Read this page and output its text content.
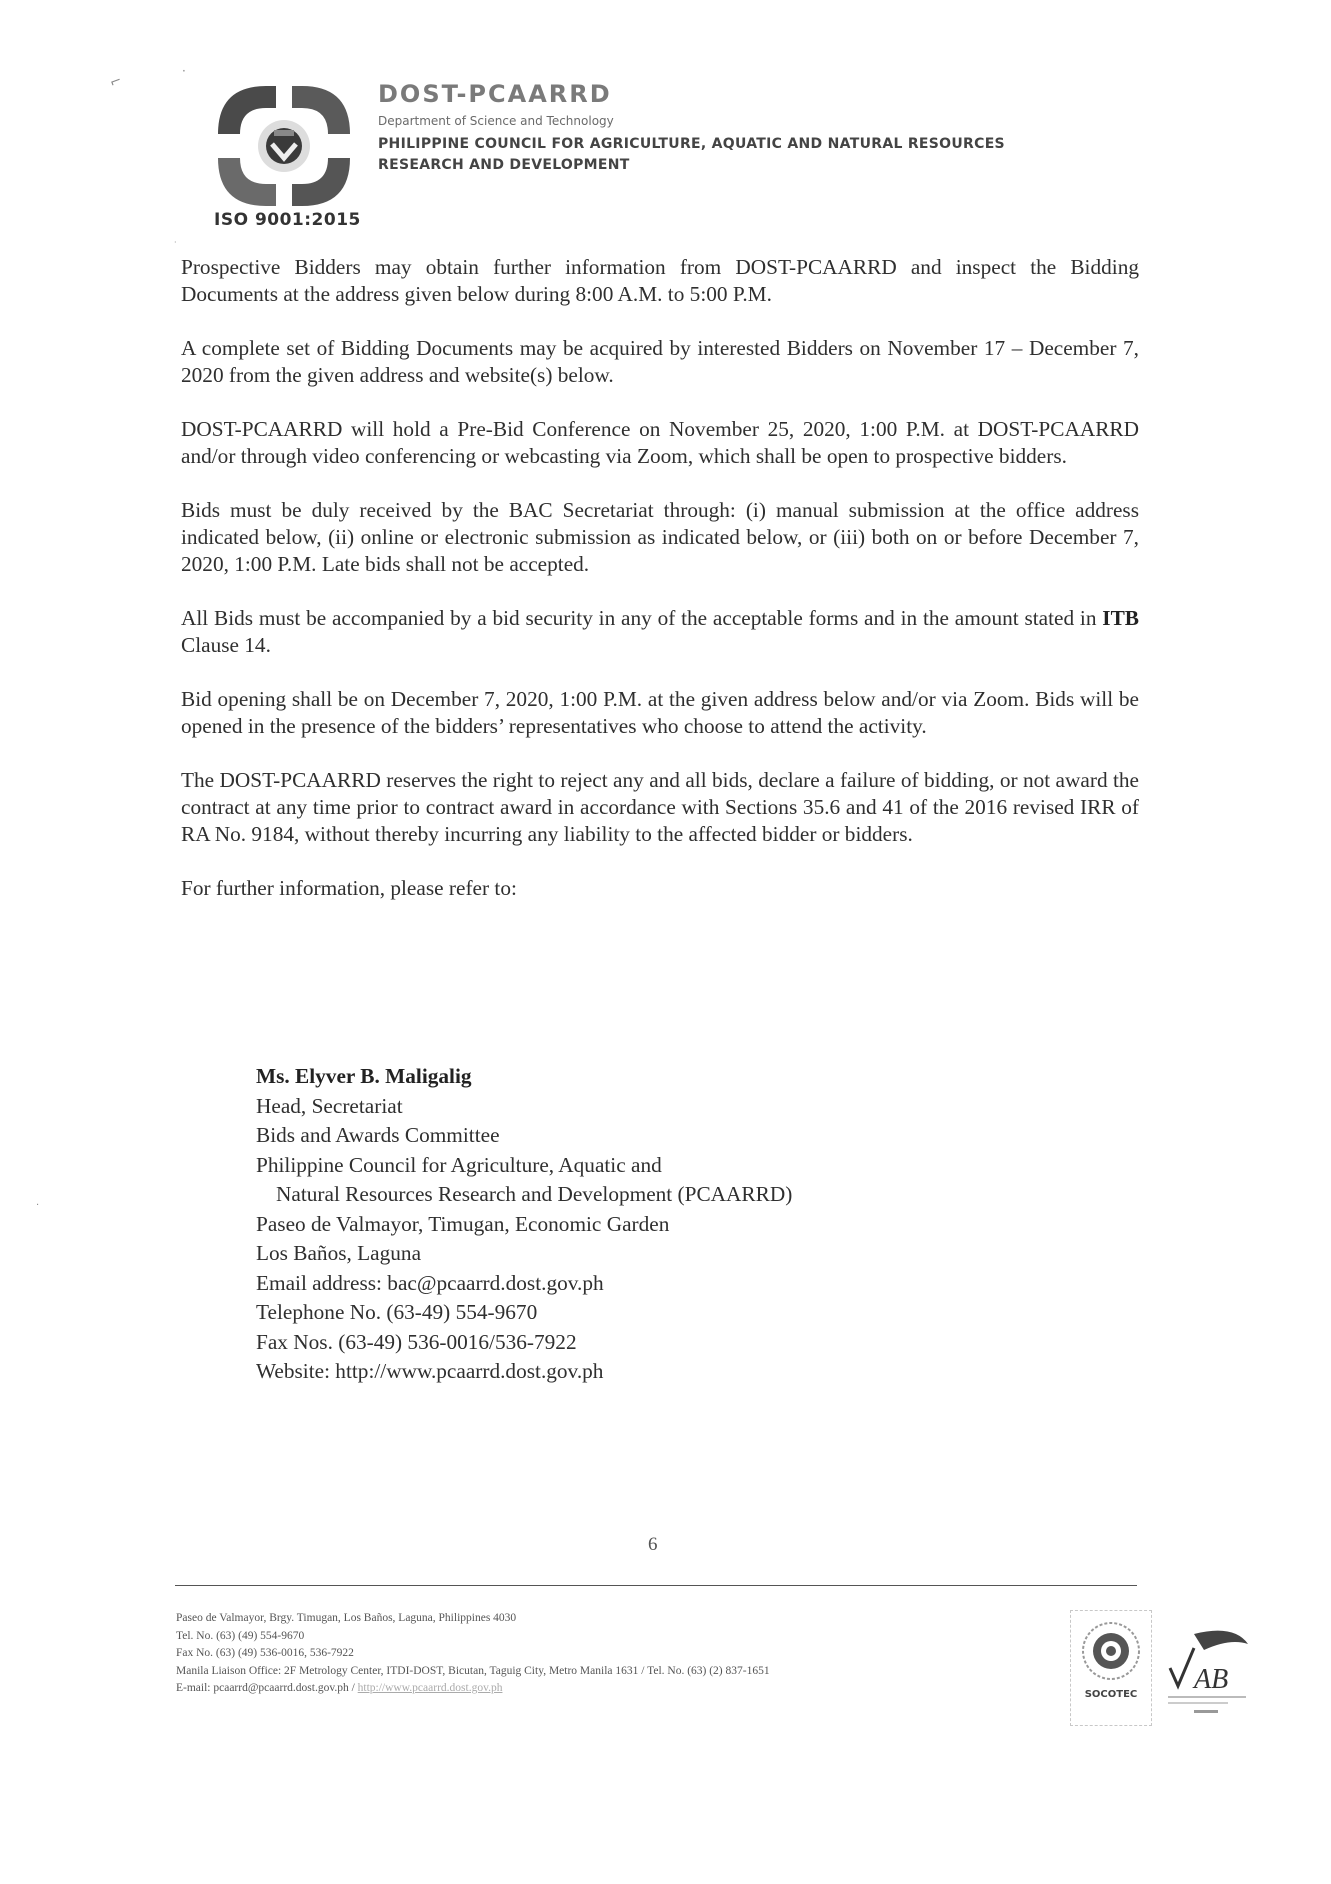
⌐
·
·
·
ISO 9001:2015
DOST-PCAARRD
Department of Science and Technology
PHILIPPINE COUNCIL FOR AGRICULTURE, AQUATIC AND NATURAL RESOURCES
RESEARCH AND DEVELOPMENT

Prospective Bidders may obtain further information from DOST-PCAARRD and inspect the Bidding Documents at the address given below during 8:00 A.M. to 5:00 P.M.

A complete set of Bidding Documents may be acquired by interested Bidders on November 17 – December 7, 2020 from the given address and website(s) below.

DOST-PCAARRD will hold a Pre-Bid Conference on November 25, 2020, 1:00 P.M. at DOST-PCAARRD and/or through video conferencing or webcasting via Zoom, which shall be open to prospective bidders.

Bids must be duly received by the BAC Secretariat through: (i) manual submission at the office address indicated below, (ii) online or electronic submission as indicated below, or (iii) both on or before December 7, 2020, 1:00 P.M. Late bids shall not be accepted.

All Bids must be accompanied by a bid security in any of the acceptable forms and in the amount stated in ITB Clause 14.

Bid opening shall be on December 7, 2020, 1:00 P.M. at the given address below and/or via Zoom. Bids will be opened in the presence of the bidders’ representatives who choose to attend the activity.

The DOST-PCAARRD reserves the right to reject any and all bids, declare a failure of bidding, or not award the contract at any time prior to contract award in accordance with Sections 35.6 and 41 of the 2016 revised IRR of RA No. 9184, without thereby incurring any liability to the affected bidder or bidders.

For further information, please refer to:

Ms. Elyver B. Maligalig
Head, Secretariat
Bids and Awards Committee
Philippine Council for Agriculture, Aquatic and
Natural Resources Research and Development (PCAARRD)
Paseo de Valmayor, Timugan, Economic Garden
Los Baños, Laguna
Email address: bac@pcaarrd.dost.gov.ph
Telephone No. (63-49) 554-9670
Fax Nos. (63-49) 536-0016/536-7922
Website: http://www.pcaarrd.dost.gov.ph
6
Paseo de Valmayor, Brgy. Timugan, Los Baños, Laguna, Philippines 4030
Tel. No. (63) (49) 554-9670
Fax No. (63) (49) 536-0016, 536-7922
Manila Liaison Office: 2F Metrology Center, ITDI-DOST, Bicutan, Taguig City, Metro Manila 1631 / Tel. No. (63) (2) 837-1651
E-mail: pcaarrd@pcaarrd.dost.gov.ph / http://www.pcaarrd.dost.gov.ph
SOCOTEC	AB
